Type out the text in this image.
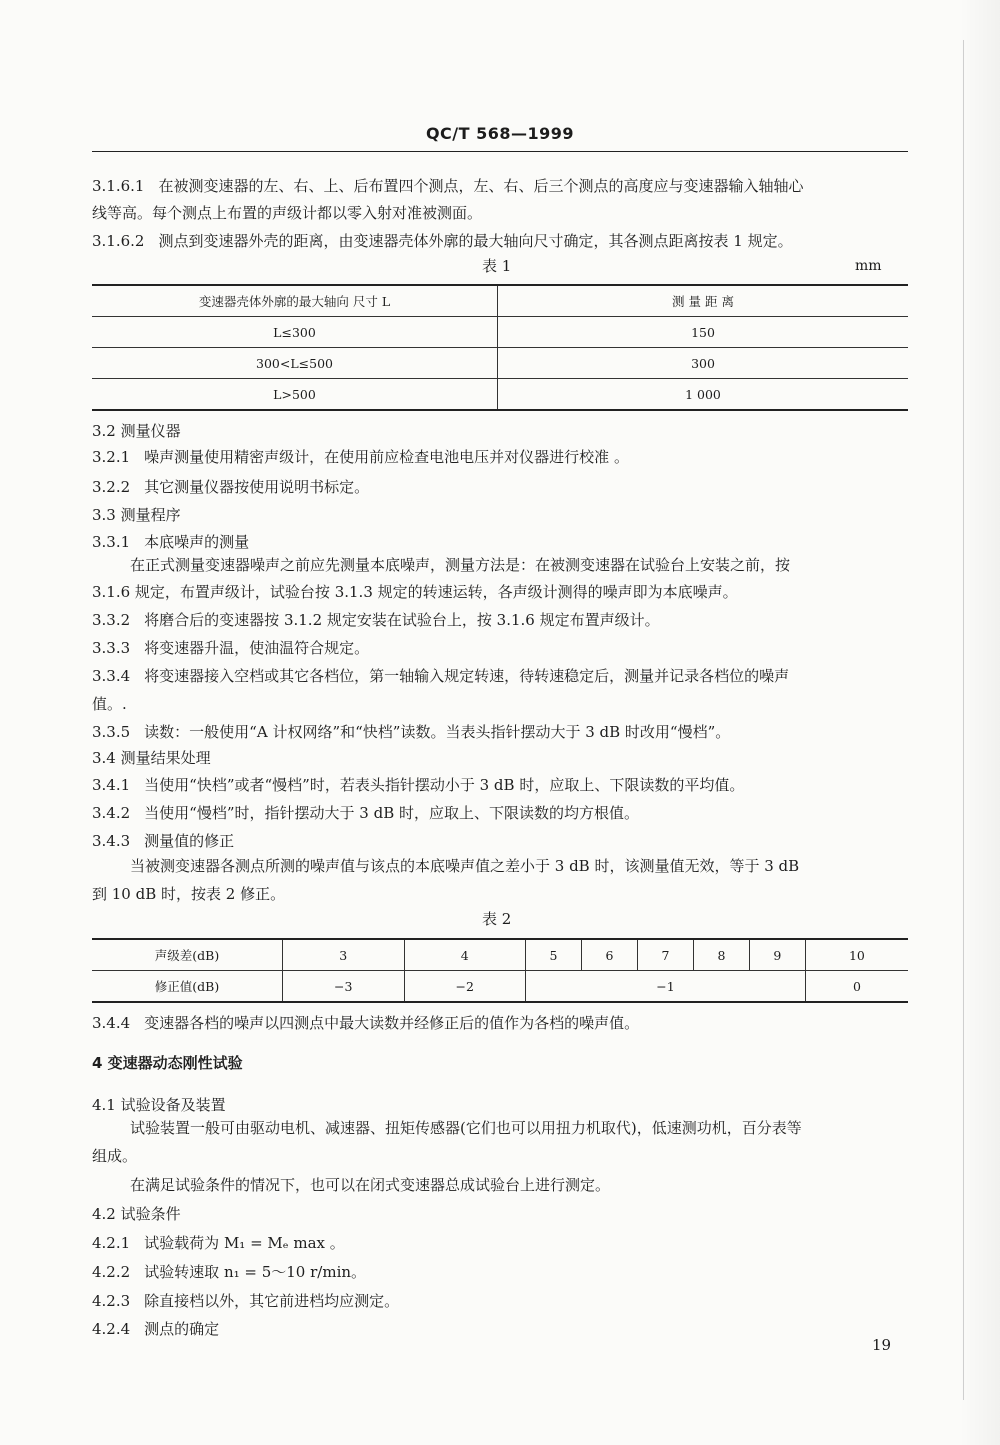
QC/T 568—1999
3.1.6.1 在被测变速器的左、右、上、后布置四个测点，左、右、后三个测点的高度应与变速器输入轴轴心
线等高。每个测点上布置的声级计都以零入射对准被测面。
3.1.6.2 测点到变速器外壳的距离，由变速器壳体外廓的最大轴向尺寸确定，其各测点距离按表 1 规定。
表 1	mm
变速器壳体外廓的最大轴向 尺寸 L	测 量 距 离
L≤300	150
300<L≤500	300
L>500	1 000
3.2 测量仪器
3.2.1 噪声测量使用精密声级计，在使用前应检查电池电压并对仪器进行校准 。
3.2.2 其它测量仪器按使用说明书标定。
3.3 测量程序
3.3.1 本底噪声的测量
在正式测量变速器噪声之前应先测量本底噪声，测量方法是：在被测变速器在试验台上安装之前，按
3.1.6 规定，布置声级计，试验台按 3.1.3 规定的转速运转，各声级计测得的噪声即为本底噪声。
3.3.2 将磨合后的变速器按 3.1.2 规定安装在试验台上，按 3.1.6 规定布置声级计。
3.3.3 将变速器升温，使油温符合规定。
3.3.4 将变速器接入空档或其它各档位，第一轴输入规定转速，待转速稳定后，测量并记录各档位的噪声
值。.
3.3.5 读数：一般使用“A 计权网络”和“快档”读数。当表头指针摆动大于 3 dB 时改用“慢档”。
3.4 测量结果处理
3.4.1 当使用“快档”或者“慢档”时，若表头指针摆动小于 3 dB 时，应取上、下限读数的平均值。
3.4.2 当使用“慢档”时，指针摆动大于 3 dB 时，应取上、下限读数的均方根值。
3.4.3 测量值的修正
当被测变速器各测点所测的噪声值与该点的本底噪声值之差小于 3 dB 时，该测量值无效，等于 3 dB
到 10 dB 时，按表 2 修正。
表 2
声级差(dB)	3	4	5	6	7	8	9	10
修正值(dB)	−3	−2	−1					0
3.4.4 变速器各档的噪声以四测点中最大读数并经修正后的值作为各档的噪声值。
4 变速器动态刚性试验
4.1 试验设备及装置
试验装置一般可由驱动电机、减速器、扭矩传感器(它们也可以用扭力机取代)，低速测功机，百分表等
组成。
在满足试验条件的情况下，也可以在闭式变速器总成试验台上进行测定。
4.2 试验条件
4.2.1 试验载荷为 M₁ = Mₑ max 。
4.2.2 试验转速取 n₁ = 5～10 r/min。
4.2.3 除直接档以外，其它前进档均应测定。
4.2.4 测点的确定
19
